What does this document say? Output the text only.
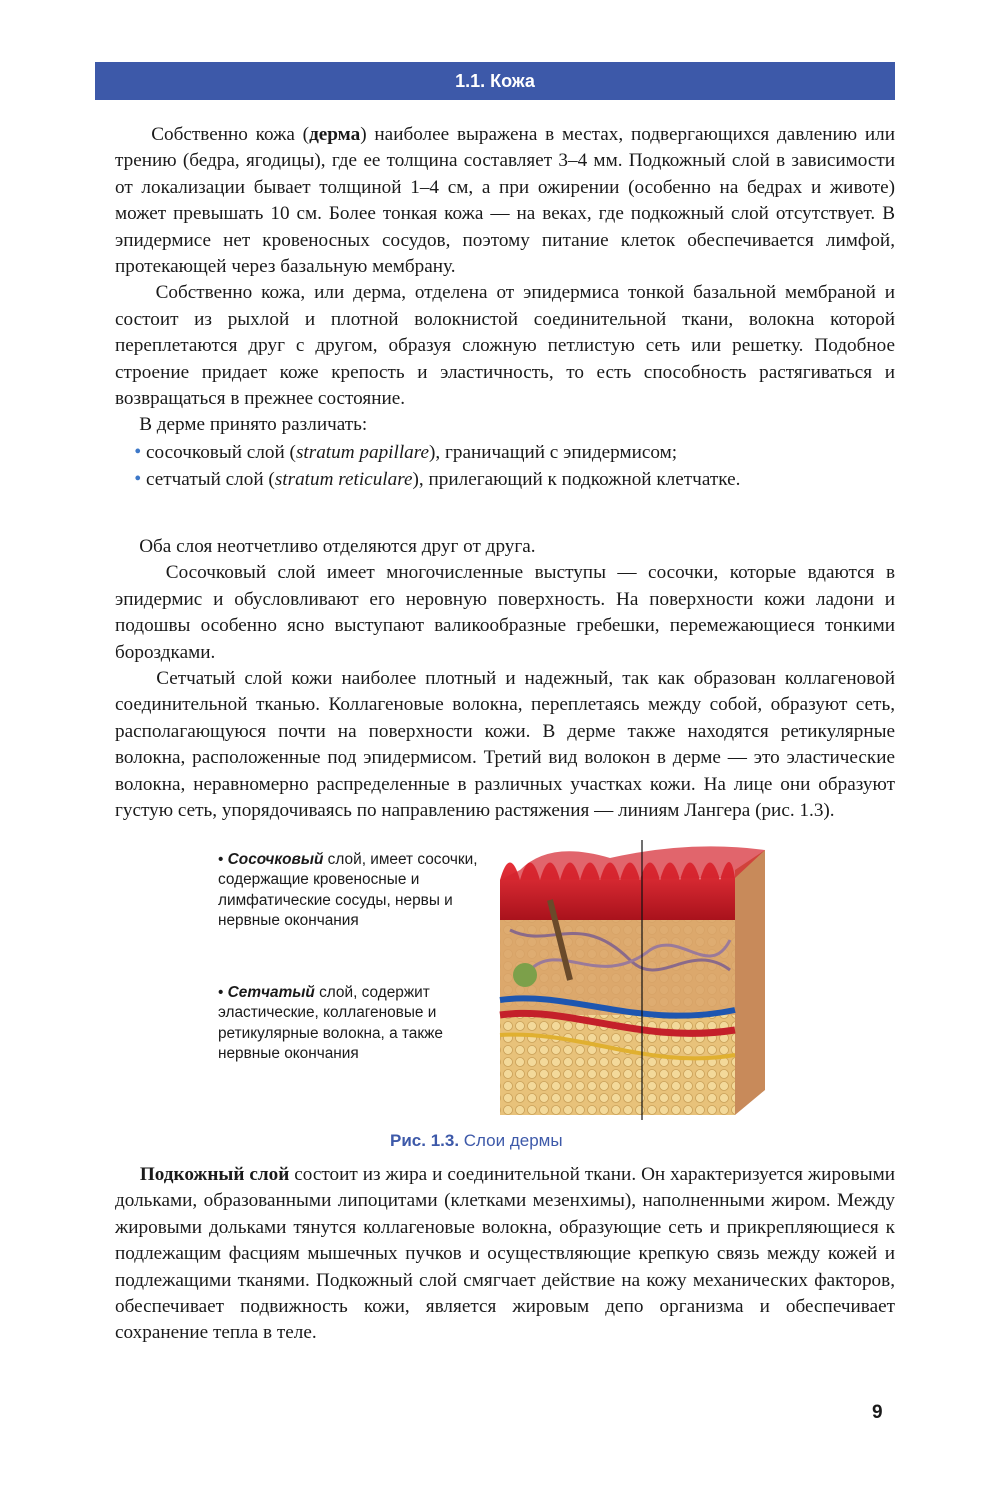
1.1. Кожа

Собственно кожа (дерма) наиболее выражена в местах, подвергающихся давлению или трению (бедра, ягодицы), где ее толщина составляет 3–4 мм. Подкожный слой в зависимости от локализации бывает толщиной 1–4 см, а при ожирении (особенно на бедрах и животе) может превышать 10 см. Более тонкая кожа — на веках, где подкожный слой отсутствует. В эпидермисе нет кровеносных сосудов, поэтому питание клеток обеспечивается лимфой, протекающей через базальную мембрану.

Собственно кожа, или дерма, отделена от эпидермиса тонкой базальной мембраной и состоит из рыхлой и плотной волокнистой соединительной ткани, волокна которой переплетаются друг с другом, образуя сложную петлистую сеть или решетку. Подобное строение придает коже крепость и эластичность, то есть способность растягиваться и возвращаться в прежнее состояние.

В дерме принято различать:

• сосочковый слой (stratum papillare), граничащий с эпидермисом;

• сетчатый слой (stratum reticulare), прилегающий к подкожной клетчатке.

Оба слоя неотчетливо отделяются друг от друга.

Сосочковый слой имеет многочисленные выступы — сосочки, которые вдаются в эпидермис и обусловливают его неровную поверхность. На поверхности кожи ладони и подошвы особенно ясно выступают валикообразные гребешки, перемежающиеся тонкими бороздками.

Сетчатый слой кожи наиболее плотный и надежный, так как образован коллагеновой соединительной тканью. Коллагеновые волокна, переплетаясь между собой, образуют сеть, располагающуюся почти на поверхности кожи. В дерме также находятся ретикулярные волокна, расположенные под эпидермисом. Третий вид волокон в дерме — это эластические волокна, неравномерно распределенные в различных участках кожи. На лице они образуют густую сеть, упорядочиваясь по направлению растяжения — линиям Лангера (рис. 1.3).

• Сосочковый слой, имеет сосочки, содержащие кровеносные и лимфатические сосуды, нервы и нервные окончания
• Сетчатый слой, содержит эластические, коллагеновые и ретикулярные волокна, а также нервные окончания
Рис. 1.3. Слои дермы

Подкожный слой состоит из жира и соединительной ткани. Он характеризуется жировыми дольками, образованными липоцитами (клетками мезенхимы), наполненными жиром. Между жировыми дольками тянутся коллагеновые волокна, образующие сеть и прикрепляющиеся к подлежащим фасциям мышечных пучков и осуществляющие крепкую связь между кожей и подлежащими тканями. Подкожный слой смягчает действие на кожу механических факторов, обеспечивает подвижность кожи, является жировым депо организма и обеспечивает сохранение тепла в теле.

9
